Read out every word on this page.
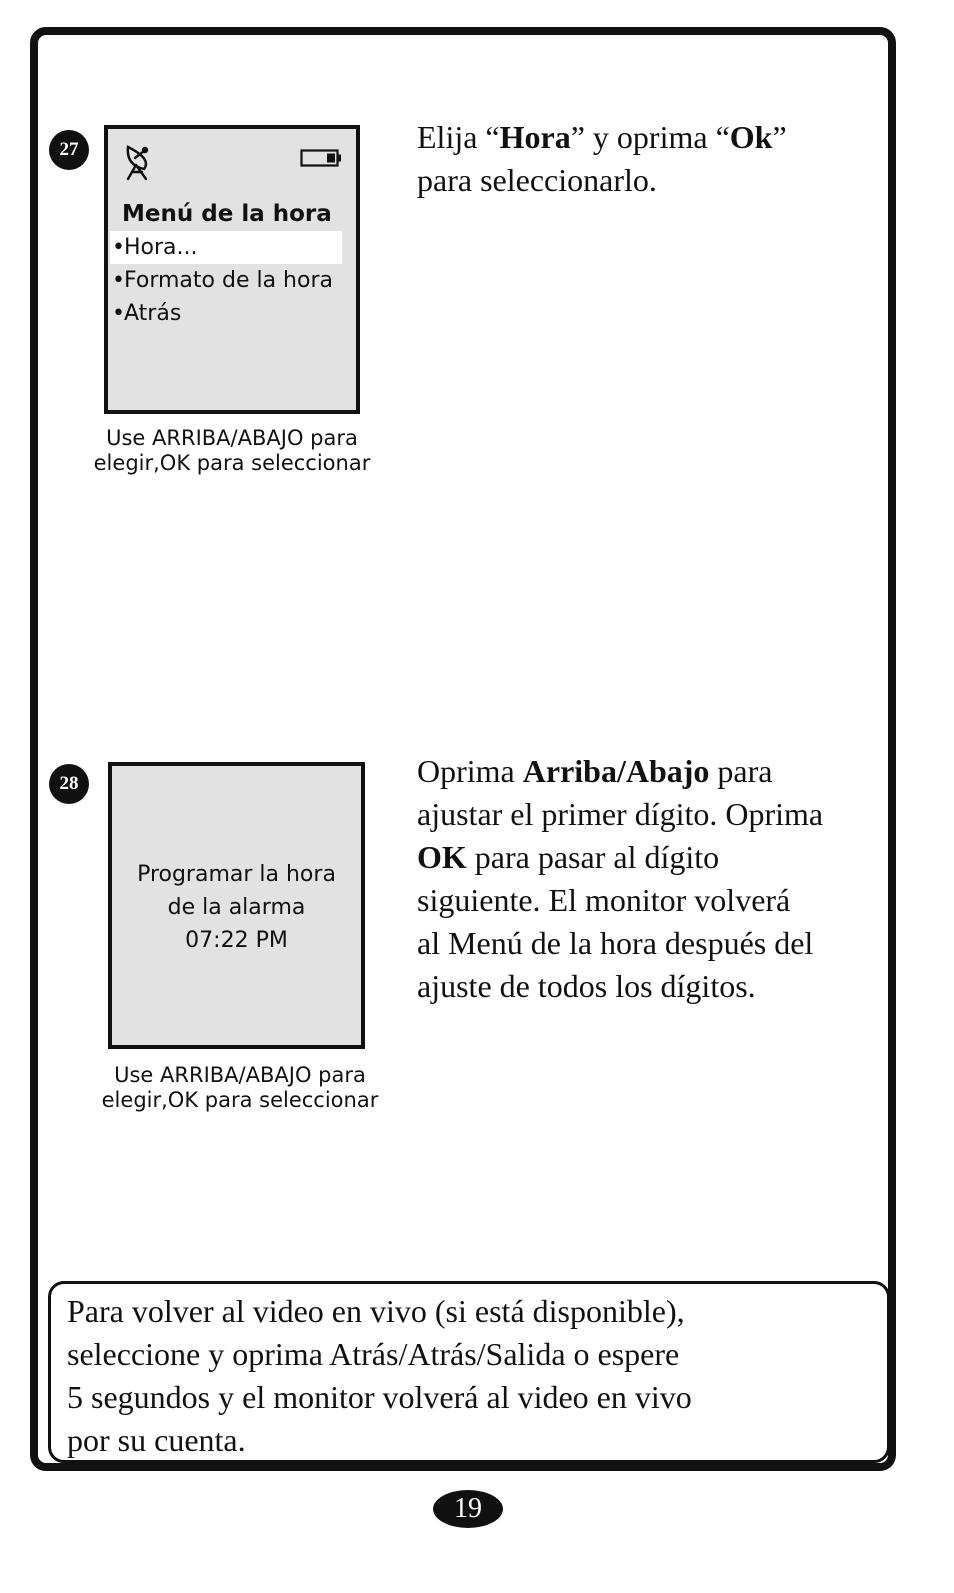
27
Menú de la hora
•Hora...
•Formato de la hora
•Atrás
Use ARRIBA/ABAJO para
elegir,OK para seleccionar
Elija “Hora” y oprima “Ok”
para seleccionarlo.
28
Programar la hora
de la alarma
07:22 PM
Use ARRIBA/ABAJO para
elegir,OK para seleccionar
Oprima Arriba/Abajo para
ajustar el primer dígito. Oprima
OK para pasar al dígito
siguiente. El monitor volverá
al Menú de la hora después del
ajuste de todos los dígitos.
Para volver al video en vivo (si está disponible),
seleccione y oprima Atrás/Atrás/Salida o espere
5 segundos y el monitor volverá al video en vivo
por su cuenta.
19
